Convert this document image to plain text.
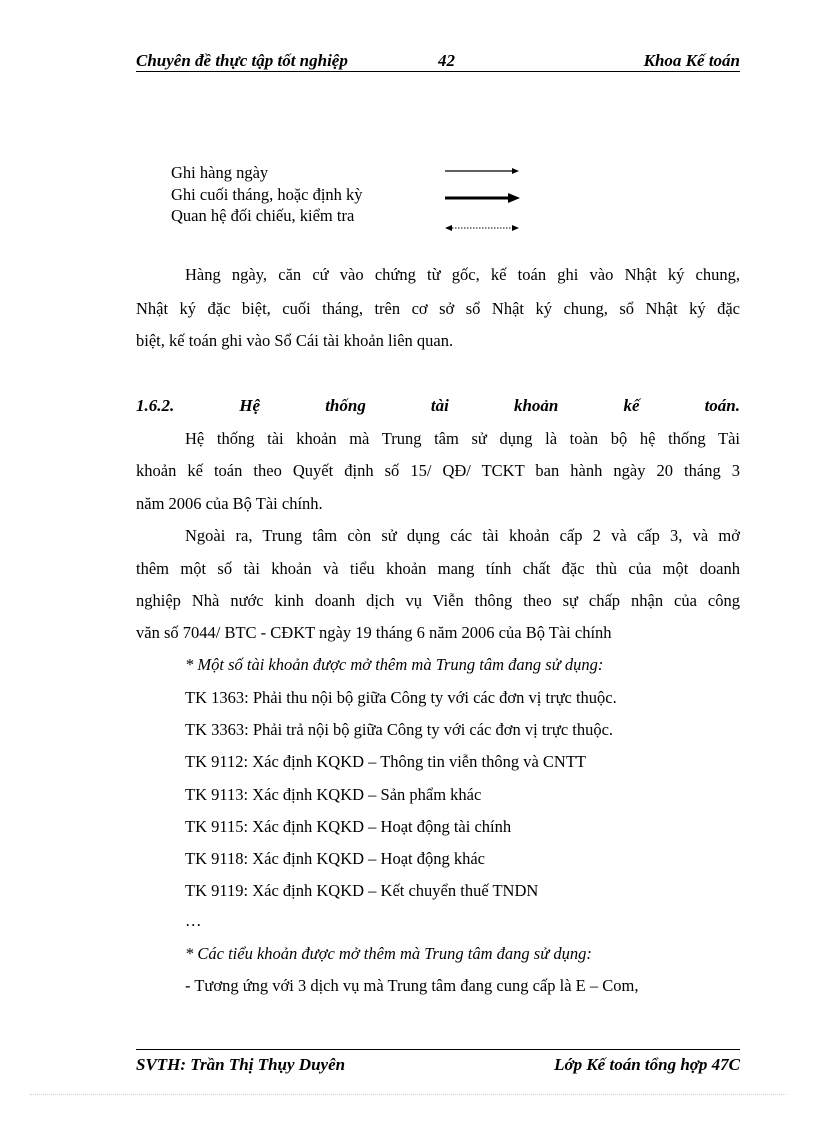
Chuyên đề thực tập tốt nghiệp	42	Khoa Kế toán
Ghi hàng ngày
Ghi cuối tháng, hoặc định kỳ
Quan hệ đối chiếu, kiểm tra
Hàng ngày, căn cứ vào chứng từ gốc, kế toán ghi vào Nhật ký chung,
Nhật ký đặc biệt, cuối tháng, trên cơ sở sổ Nhật ký chung, sổ Nhật ký đặc
biệt, kế toán ghi vào Sổ Cái tài khoản liên quan.
1.6.2.	Hệ	thống	tài	khoản	kế	toán.
Hệ thống tài khoản mà Trung tâm sử dụng là toàn bộ hệ thống Tài
khoản kế toán theo Quyết định số 15/ QĐ/ TCKT ban hành ngày 20 tháng 3
năm 2006 của Bộ Tài chính.
Ngoài ra, Trung tâm còn sử dụng các tài khoản cấp 2 và cấp 3, và mở
thêm một số tài khoản và tiểu khoản mang tính chất đặc thù của một doanh
nghiệp Nhà nước kinh doanh dịch vụ Viễn thông theo sự chấp nhận của công
văn số 7044/ BTC - CĐKT ngày 19 tháng 6 năm 2006 của Bộ Tài chính
* Một số tài khoản được mở thêm mà Trung tâm đang sử dụng:
TK 1363: Phải thu nội bộ giữa Công ty với các đơn vị trực thuộc.
TK 3363: Phải trả nội bộ giữa Công ty với các đơn vị trực thuộc.
TK 9112: Xác định KQKD – Thông tin viễn thông và CNTT
TK 9113: Xác định KQKD – Sản phẩm khác
TK 9115: Xác định KQKD – Hoạt động tài chính
TK 9118: Xác định KQKD – Hoạt động khác
TK 9119: Xác định KQKD – Kết chuyển thuế TNDN
…
* Các tiểu khoản được mở thêm mà Trung tâm đang sử dụng:
- Tương ứng với 3 dịch vụ mà Trung tâm đang cung cấp là E – Com,
SVTH: Trần Thị Thụy Duyên	Lớp Kế toán tổng hợp 47C
